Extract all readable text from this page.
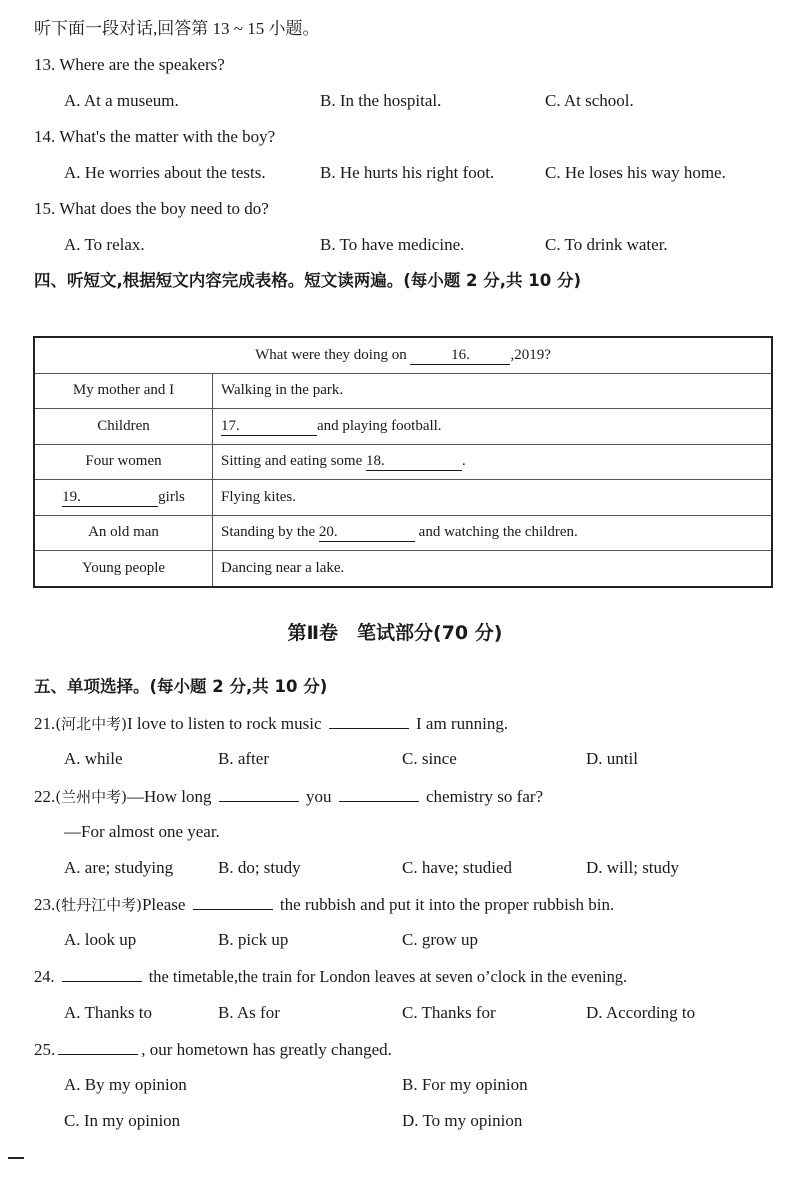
听下面一段对话,回答第 13 ~ 15 小题。
13. Where are the speakers?
A. At a museum.	B. In the hospital.	C. At school.
14. What's the matter with the boy?
A. He worries about the tests.	B. He hurts his right foot.	C. He loses his way home.
15. What does the boy need to do?
A. To relax.	B. To have medicine.	C. To drink water.
四、听短文,根据短文内容完成表格。短文读两遍。(每小题 2 分,共 10 分)
What were they doing on 16. ,2019?	
My mother and I	Walking in the park.
Children	17. and playing football.
Four women	Sitting and eating some 18. .
19. girls	Flying kites.
An old man	Standing by the 20. and watching the children.
Young people	Dancing near a lake.
第Ⅱ卷　笔试部分(70 分)
五、单项选择。(每小题 2 分,共 10 分)
21.(河北中考)I love to listen to rock music	I am running.
A. while	B. after	C. since	D. until
22.(兰州中考)—How long	you	chemistry so far?
—For almost one year.
A. are; studying	B. do; study	C. have; studied	D. will; study
23.(牡丹江中考)Please	the rubbish and put it into the proper rubbish bin.
A. look up	B. pick up	C. grow up
24.	the timetable,the train for London leaves at seven o’clock in the evening.
A. Thanks to	B. As for	C. Thanks for	D. According to
25.	, our hometown has greatly changed.
A. By my opinion	B. For my opinion
C. In my opinion	D. To my opinion
